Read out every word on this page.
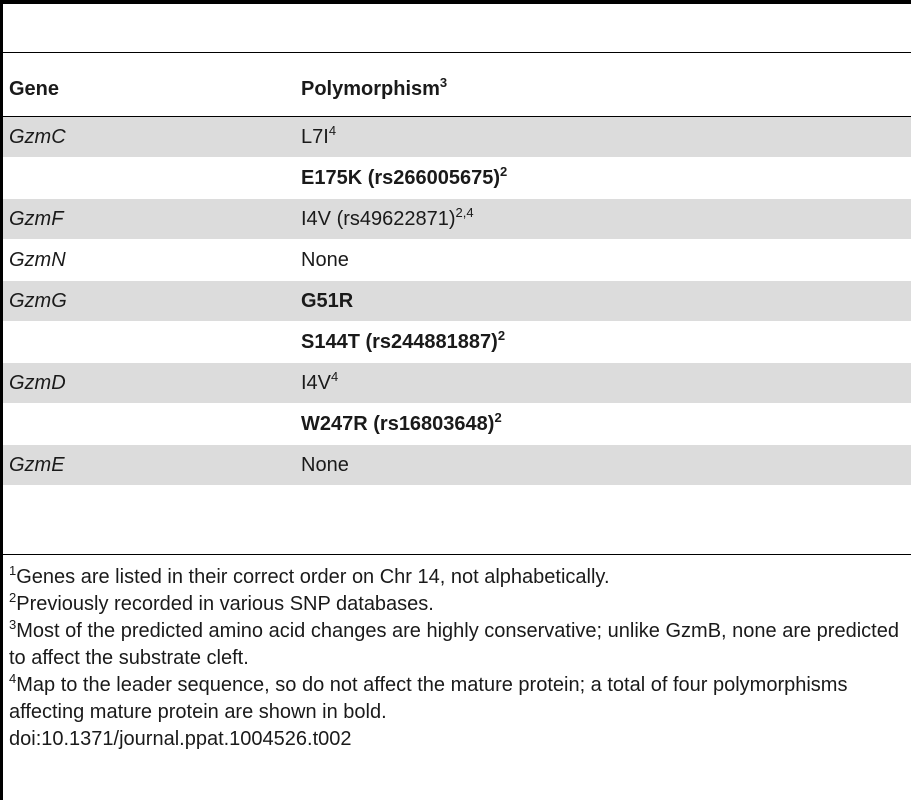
Gene	Polymorphism$^3$
GzmC	$L7I^4$
	E175K $(rs266005675)^2$
GzmF	I4V $(rs49622871)^{2,4}$
GzmN	None
GzmG	G51R
	S144T $(rs244881887)^2$
GzmD	$I4V^4$
	W247R $(rs16803648)^2$
GzmE	None

$^1$Genes are listed in their correct order on Chr 14, not alphabetically.

$^2$Previously recorded in various SNP databases.

$^3$Most of the predicted amino acid changes are highly conservative; unlike GzmB, none are predicted to affect the substrate cleft.

$^4$Map to the leader sequence, so do not affect the mature protein; a total of four polymorphisms affecting mature protein are shown in bold.

doi:10.1371/journal.ppat.1004526.t002
